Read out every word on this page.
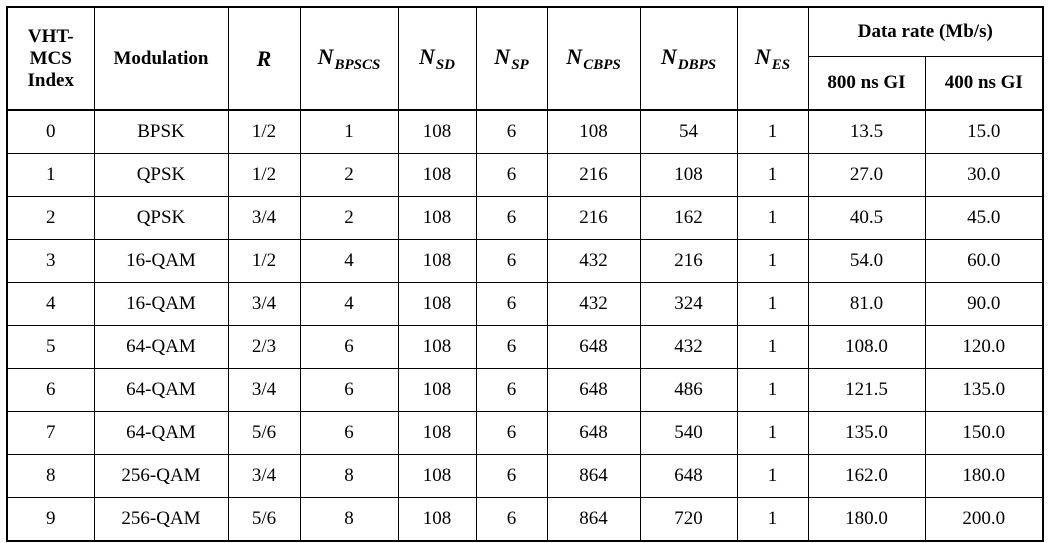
VHT-
MCS
Index	Modulation	R	$N_{BPSCS}$	$N_{SD}$	$N_{SP}$	$N_{CBPS}$	$N_{DBPS}$	$N_{ES}$	Data rate (Mb/s)	
									800 ns GI	400 ns GI
0	BPSK	1/2	1	108	6	108	54	1	13.5	15.0
1	QPSK	1/2	2	108	6	216	108	1	27.0	30.0
2	QPSK	3/4	2	108	6	216	162	1	40.5	45.0
3	16-QAM	1/2	4	108	6	432	216	1	54.0	60.0
4	16-QAM	3/4	4	108	6	432	324	1	81.0	90.0
5	64-QAM	2/3	6	108	6	648	432	1	108.0	120.0
6	64-QAM	3/4	6	108	6	648	486	1	121.5	135.0
7	64-QAM	5/6	6	108	6	648	540	1	135.0	150.0
8	256-QAM	3/4	8	108	6	864	648	1	162.0	180.0
9	256-QAM	5/6	8	108	6	864	720	1	180.0	200.0
